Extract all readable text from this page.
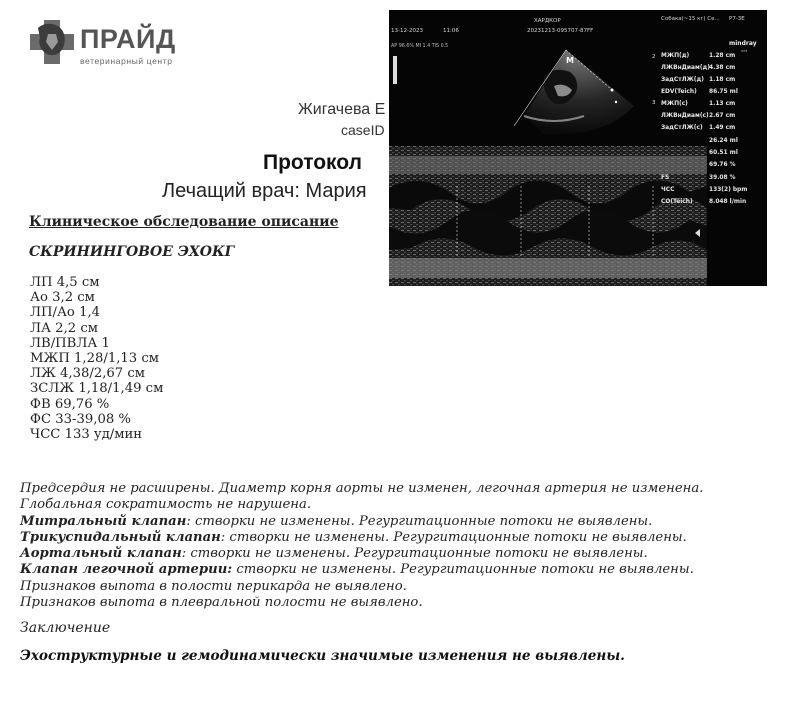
ПРАЙД
ветеринарный центр
Жигачева Е
caseID
Протокол
Лечащий врач: Мария
Клиническое обследование описание
СКРИНИНГОВОЕ ЭХОКГ
ЛП 4,5 см
Ао 3,2 см
ЛП/Ао 1,4
ЛА 2,2 см
ЛВ/ПВЛА 1
МЖП 1,28/1,13 см
ЛЖ 4,38/2,67 см
ЗСЛЖ 1,18/1,49 см
ФВ 69,76 %
ФС 33-39,08 %
ЧСС 133 уд/мин
Предсердия не расширены. Диаметр корня аорты не изменен, легочная артерия не изменена.
Глобальная сократимость не нарушена.
Митральный клапан: створки не изменены. Регургитационные потоки не выявлены.
Трикуспидальный клапан: створки не изменены. Регургитационные потоки не выявлены.
Аортальный клапан: створки не изменены. Регургитационные потоки не выявлены.
Клапан легочной артерии: створки не изменены. Регургитационные потоки не выявлены.
Признаков выпота в полости перикарда не выявлено.
Признаков выпота в плевральной полости не выявлено.
Заключение
Эхоструктурные и гемодинамически значимые изменения не выявлены.
13-12-2023	11:06
ХАРДКОР
20231213-095707-87FF
Собака(~15 кг) Се... P7-3E
AP 96.6% MI 1.4 TIS 0.5	mindray
vet
M	2
3
МЖП(д)	1.28 cm
ЛЖВнДиам(д) 4.38 cm
ЗадСтЛЖ(д) 1.18 cm
EDV(Teich) 86.75 ml
МЖП(с)	1.13 cm
ЛЖВнДиам(с) 2.67 cm
ЗадСтЛЖ(с) 1.49 cm
26.24 ml
60.51 ml
69.76 %
FS	39.08 %
ЧСС	133(2) bpm
CO(Teich)	8.048 l/min
